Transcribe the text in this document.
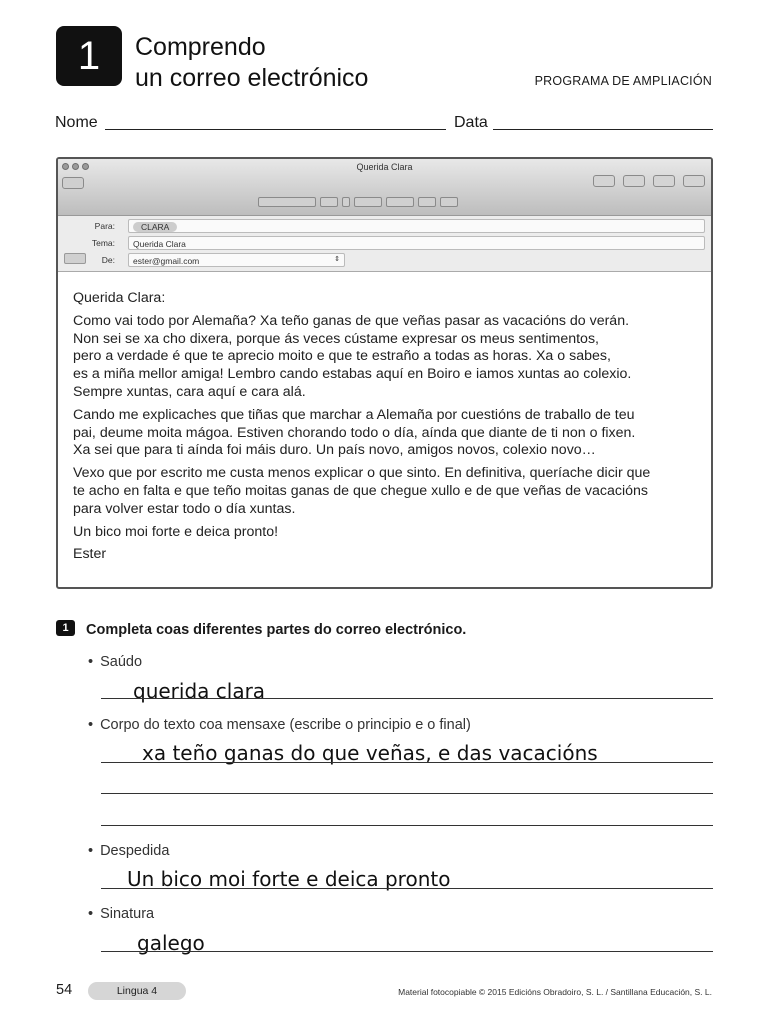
1	Comprendo
un correo electrónico	PROGRAMA DE AMPLIACIÓN
Nome	Data
Querida Clara
Para:	CLARA
Tema:	Querida Clara
De:	ester@gmail.com	⇕

Querida Clara:

Como vai todo por Alemaña? Xa teño ganas de que veñas pasar as vacacións do verán.
Non sei se xa cho dixera, porque ás veces cústame expresar os meus sentimentos,
pero a verdade é que te aprecio moito e que te estraño a todas as horas. Xa o sabes,
es a miña mellor amiga! Lembro cando estabas aquí en Boiro e iamos xuntas ao colexio.
Sempre xuntas, cara aquí e cara alá.

Cando me explicaches que tiñas que marchar a Alemaña por cuestións de traballo de teu
pai, deume moita mágoa. Estiven chorando todo o día, aínda que diante de ti non o fixen.
Xa sei que para ti aínda foi máis duro. Un país novo, amigos novos, colexio novo…

Vexo que por escrito me custa menos explicar o que sinto. En definitiva, queríache dicir que
te acho en falta e que teño moitas ganas de que chegue xullo e de que veñas de vacacións
para volver estar todo o día xuntas.

Un bico moi forte e deica pronto!

Ester

1	Completa coas diferentes partes do correo electrónico.
• Saúdo
querida clara
• Corpo do texto coa mensaxe (escribe o principio e o final)
xa teño ganas do que veñas, e das vacacións
• Despedida
Un bico moi forte e deica pronto
• Sinatura
galego
54	Lingua 4	Material fotocopiable © 2015 Edicións Obradoiro, S. L. / Santillana Educación, S. L.
